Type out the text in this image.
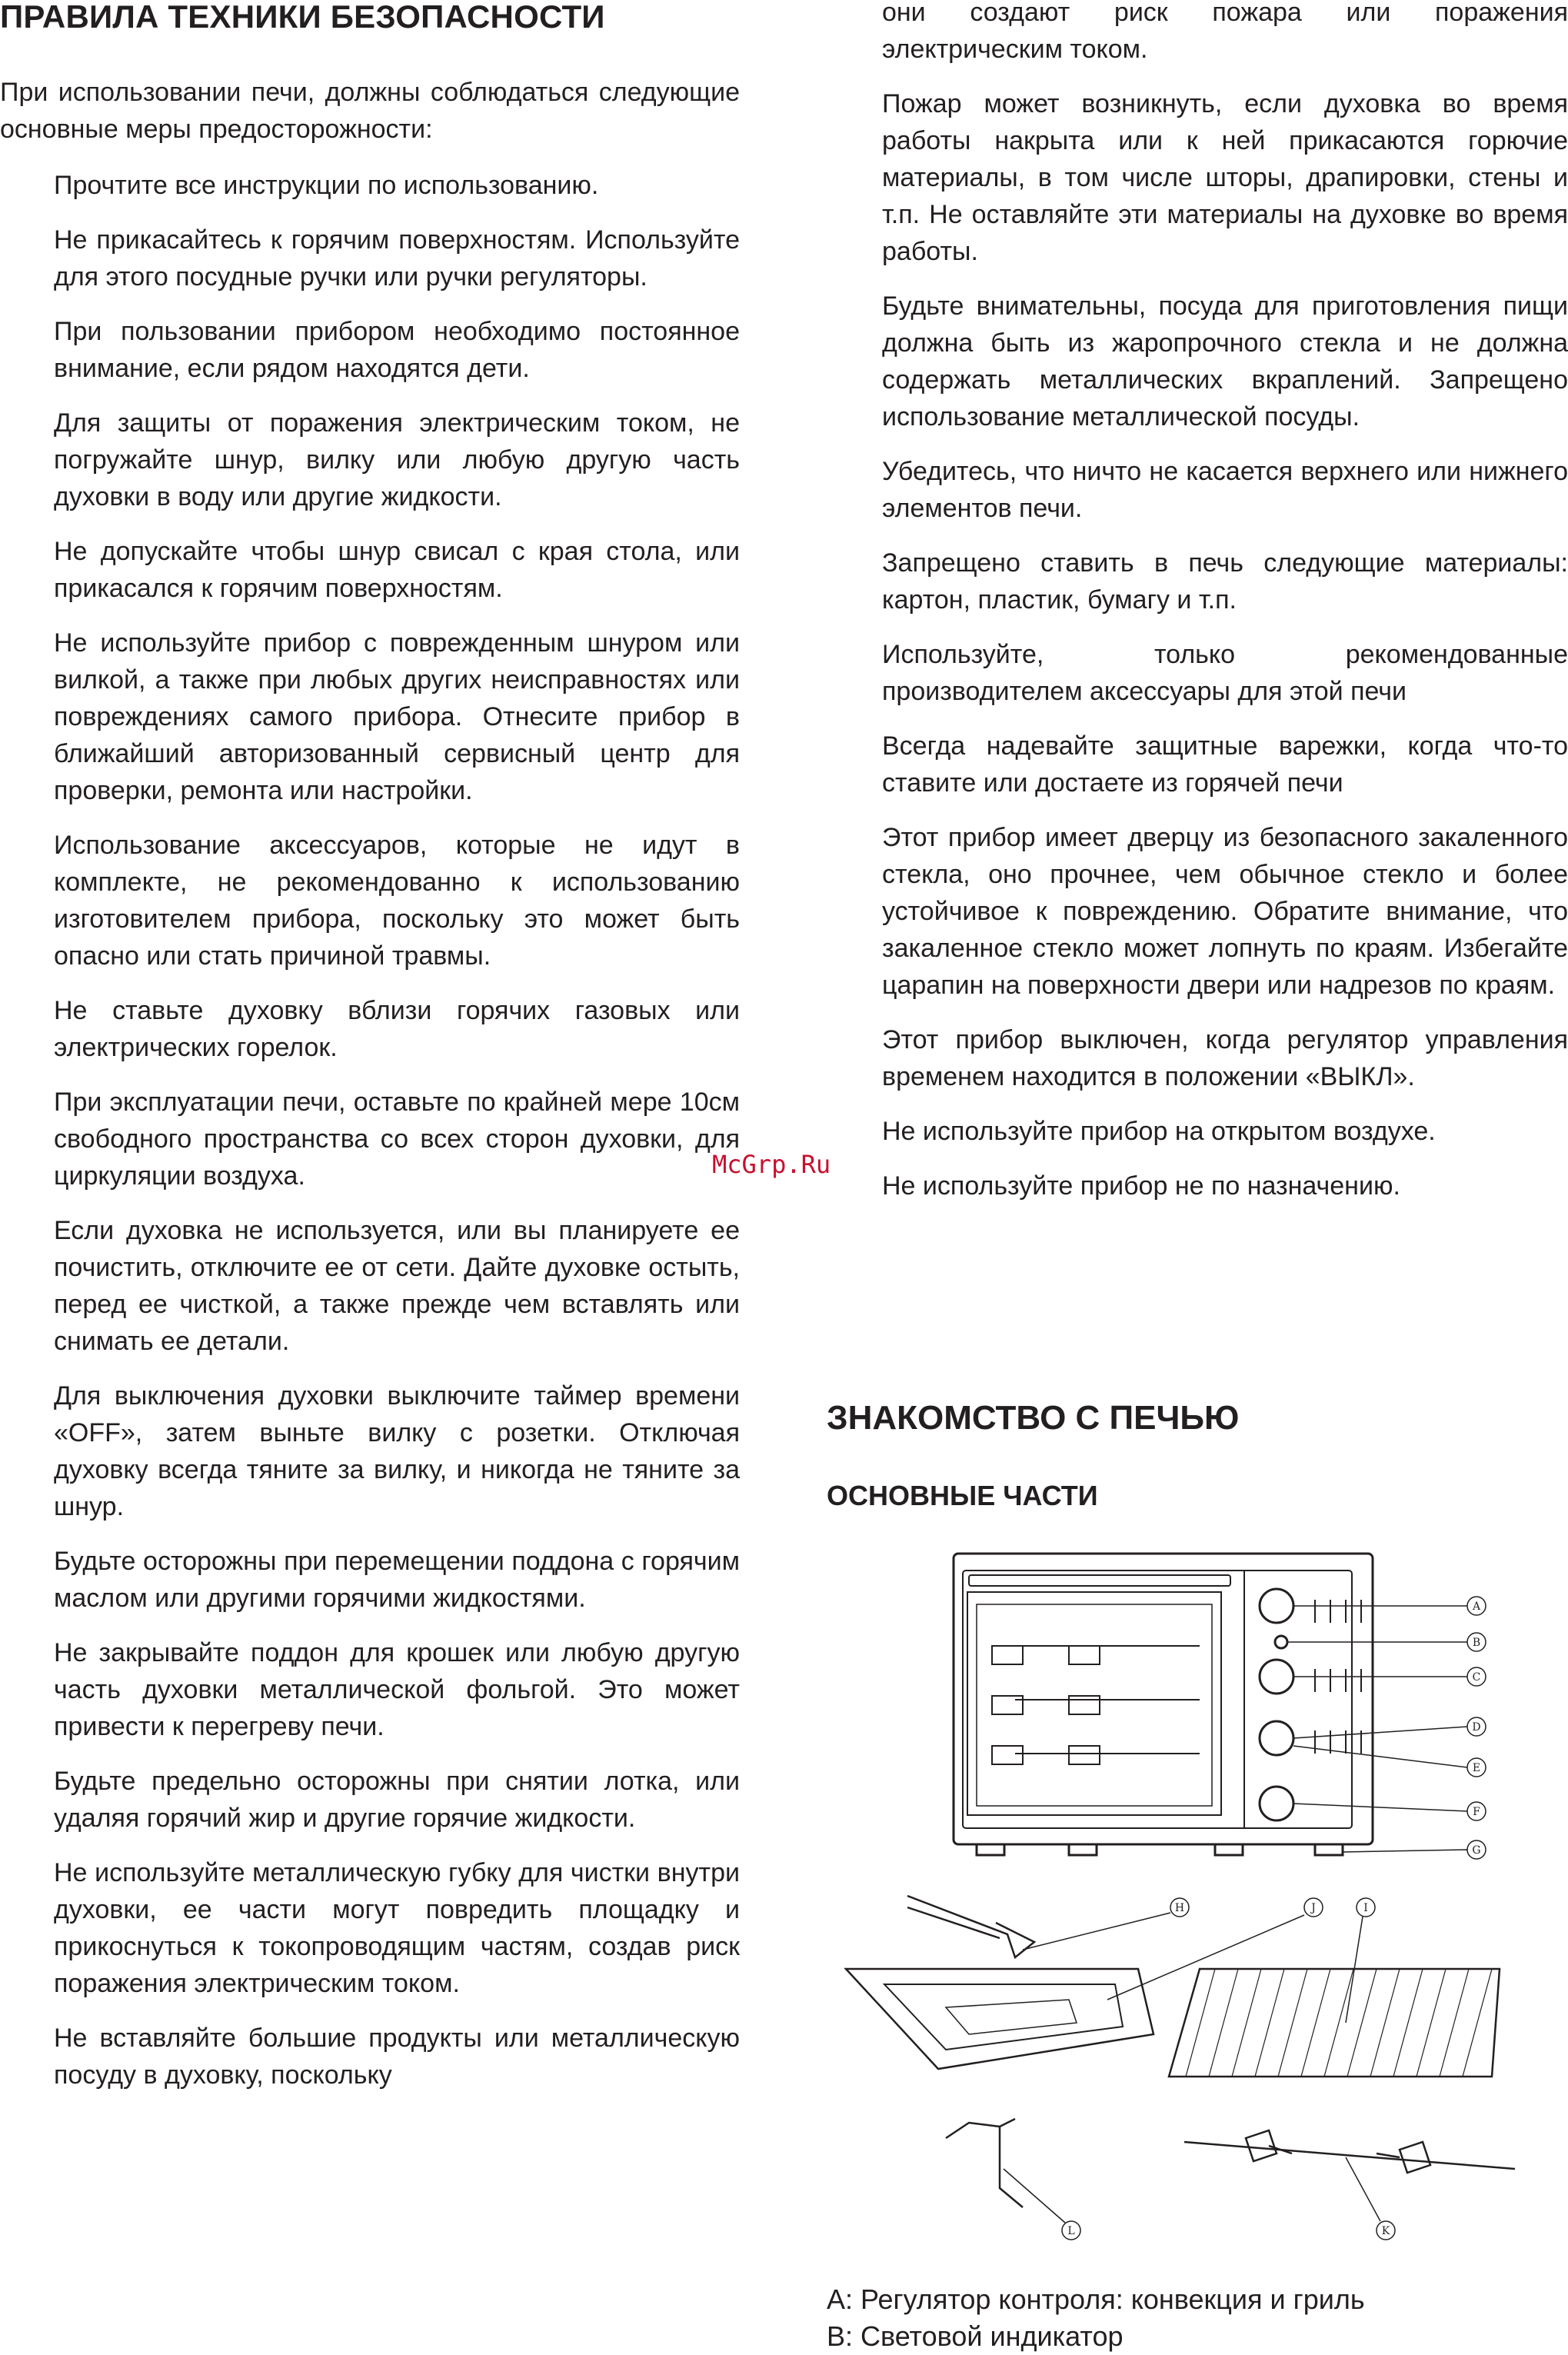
ПРАВИЛА ТЕХНИКИ БЕЗОПАСНОСТИ

При использовании печи, должны соблюдаться следующие основные меры предосторожности:

Прочтите все инструкции по использованию.
Не прикасайтесь к горячим поверхностям. Используйте для этого посудные ручки или ручки регуляторы.
При пользовании прибором необходимо постоянное внимание, если рядом находятся дети.
Для защиты от поражения электрическим током, не погружайте шнур, вилку или любую другую часть духовки в воду или другие жидкости.
Не допускайте чтобы шнур свисал с края стола, или прикасался к горячим поверхностям.
Не используйте прибор с поврежденным шнуром или вилкой, а также при любых других неисправностях или повреждениях самого прибора. Отнесите прибор в ближайший авторизованный сервисный центр для проверки, ремонта или настройки.
Использование аксессуаров, которые не идут в комплекте, не рекомендованно к использованию изготовителем прибора, поскольку это может быть опасно или стать причиной травмы.
Не ставьте духовку вблизи горячих газовых или электрических горелок.
При эксплуатации печи, оставьте по крайней мере 10см свободного пространства со всех сторон духовки, для циркуляции воздуха.
Если духовка не используется, или вы планируете ее почистить, отключите ее от сети. Дайте духовке остыть, перед ее чисткой, а также прежде чем вставлять или снимать ее детали.
Для выключения духовки выключите таймер времени «OFF», затем выньте вилку с розетки. Отключая духовку всегда тяните за вилку, и никогда не тяните за шнур.
Будьте осторожны при перемещении поддона с горячим маслом или другими горячими жидкостями.
Не закрывайте поддон для крошек или любую другую часть духовки металлической фольгой. Это может привести к перегреву печи.
Будьте предельно осторожны при снятии лотка, или удаляя горячий жир и другие горячие жидкости.
Не используйте металлическую губку для чистки внутри духовки, ее части могут повредить площадку и прикоснуться к токопроводящим частям, создав риск поражения электрическим током.
Не вставляйте большие продукты или металлическую посуду в духовку, поскольку
они создают риск пожара или поражения электрическим током.
Пожар может возникнуть, если духовка во время работы накрыта или к ней прикасаются горючие материалы, в том числе шторы, драпировки, стены и т.п. Не оставляйте эти материалы на духовке во время работы.
Будьте внимательны, посуда для приготовления пищи должна быть из жаропрочного стекла и не должна содержать металлических вкраплений. Запрещено использование металлической посуды.
Убедитесь, что ничто не касается верхнего или нижнего элементов печи.
Запрещено ставить в печь следующие материалы: картон, пластик, бумагу и т.п.
Используйте, только рекомендованные производителем аксессуары для этой печи
Всегда надевайте защитные варежки, когда что-то ставите или достаете из горячей печи
Этот прибор имеет дверцу из безопасного закаленного стекла, оно прочнее, чем обычное стекло и более устойчивое к повреждению. Обратите внимание, что закаленное стекло может лопнуть по краям. Избегайте царапин на поверхности двери или надрезов по краям.
Этот прибор выключен, когда регулятор управления временем находится в положении «ВЫКЛ».
Не используйте прибор на открытом воздухе.
Не используйте прибор не по назначению.
McGrp.Ru
ЗНАКОМСТВО С ПЕЧЬЮ
ОСНОВНЫЕ ЧАСТИ
A
B
C
D
E
F
G
H	J	I
L	K
A: Регулятор контроля: конвекция и гриль
B: Световой индикатор
